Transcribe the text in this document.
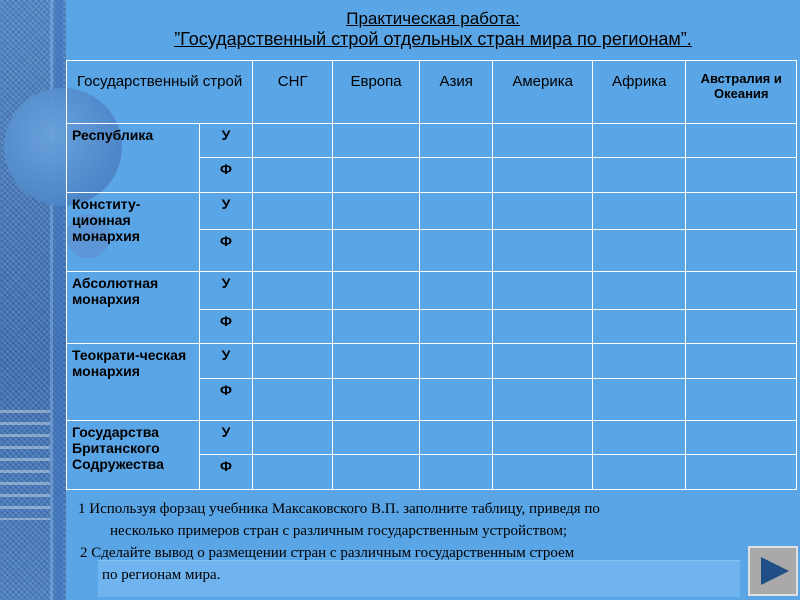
Практическая работа:
”Государственный строй отдельных стран мира по регионам”.
Государственный строй		СНГ	Европа	Азия	Америка	Африка	Австралия и Океания
Республика	У						
	Ф						
Конститу-ционная монархия	У						
	Ф						
Абсолютная монархия	У						
	Ф						
Теократи-ческая монархия	У						
	Ф						
Государства Британского Содружества	У						
	Ф						
1 Используя форзац учебника Максаковского В.П. заполните таблицу, приведя по
несколько примеров стран с различным государственным устройством;
2 Сделайте вывод о размещении стран с различным государственным строем
по регионам мира.
